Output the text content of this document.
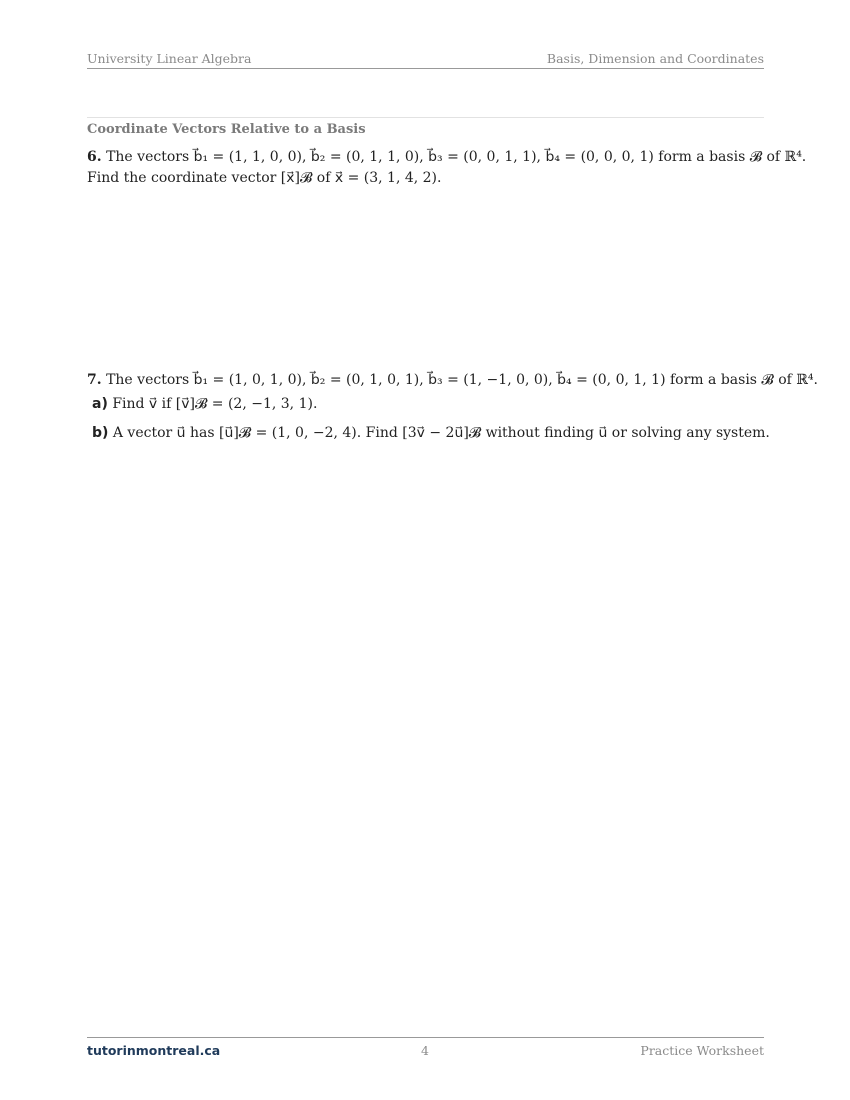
University Linear Algebra	Basis, Dimension and Coordinates
Coordinate Vectors Relative to a Basis
6. The vectors b⃗₁ = (1, 1, 0, 0), b⃗₂ = (0, 1, 1, 0), b⃗₃ = (0, 0, 1, 1), b⃗₄ = (0, 0, 0, 1) form a basis 𝓑 of ℝ⁴.
Find the coordinate vector [x⃗]𝓑 of x⃗ = (3, 1, 4, 2).
7. The vectors b⃗₁ = (1, 0, 1, 0), b⃗₂ = (0, 1, 0, 1), b⃗₃ = (1, −1, 0, 0), b⃗₄ = (0, 0, 1, 1) form a basis 𝓑 of ℝ⁴.
a) Find v⃗ if [v⃗]𝓑 = (2, −1, 3, 1).
b) A vector u⃗ has [u⃗]𝓑 = (1, 0, −2, 4). Find [3v⃗ − 2u⃗]𝓑 without finding u⃗ or solving any system.
tutorinmontreal.ca	4	Practice Worksheet
